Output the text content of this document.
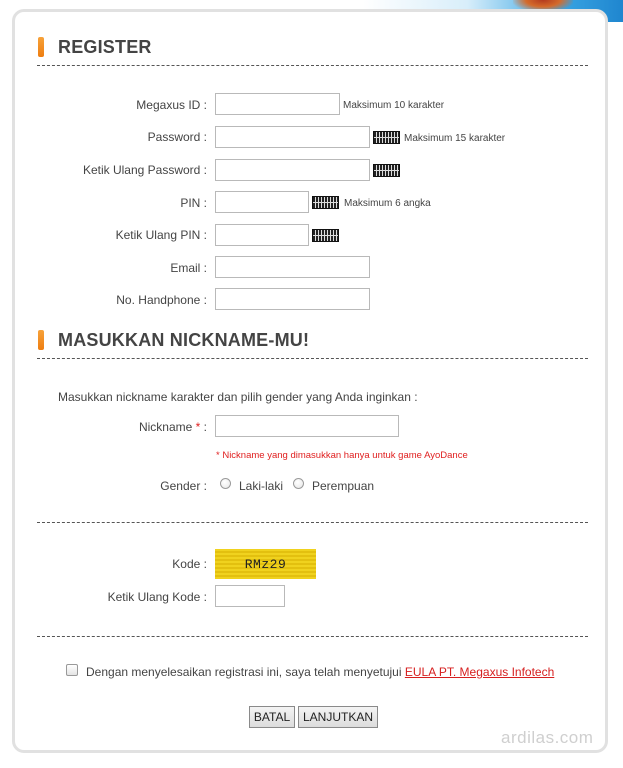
REGISTER
Megaxus ID :	Maksimum 10 karakter
Password :	Maksimum 15 karakter
Ketik Ulang Password :
PIN :	Maksimum 6 angka
Ketik Ulang PIN :
Email :
No. Handphone :
MASUKKAN NICKNAME-MU!
Masukkan nickname karakter dan pilih gender yang Anda inginkan :
Nickname * :
* Nickname yang dimasukkan hanya untuk game AyoDance
Gender :	Laki-laki Perempuan
Kode :	RMz29
Ketik Ulang Kode :
Dengan menyelesaikan registrasi ini, saya telah menyetujui EULA PT. Megaxus Infotech
BATAL	LANJUTKAN
ardilas.com
